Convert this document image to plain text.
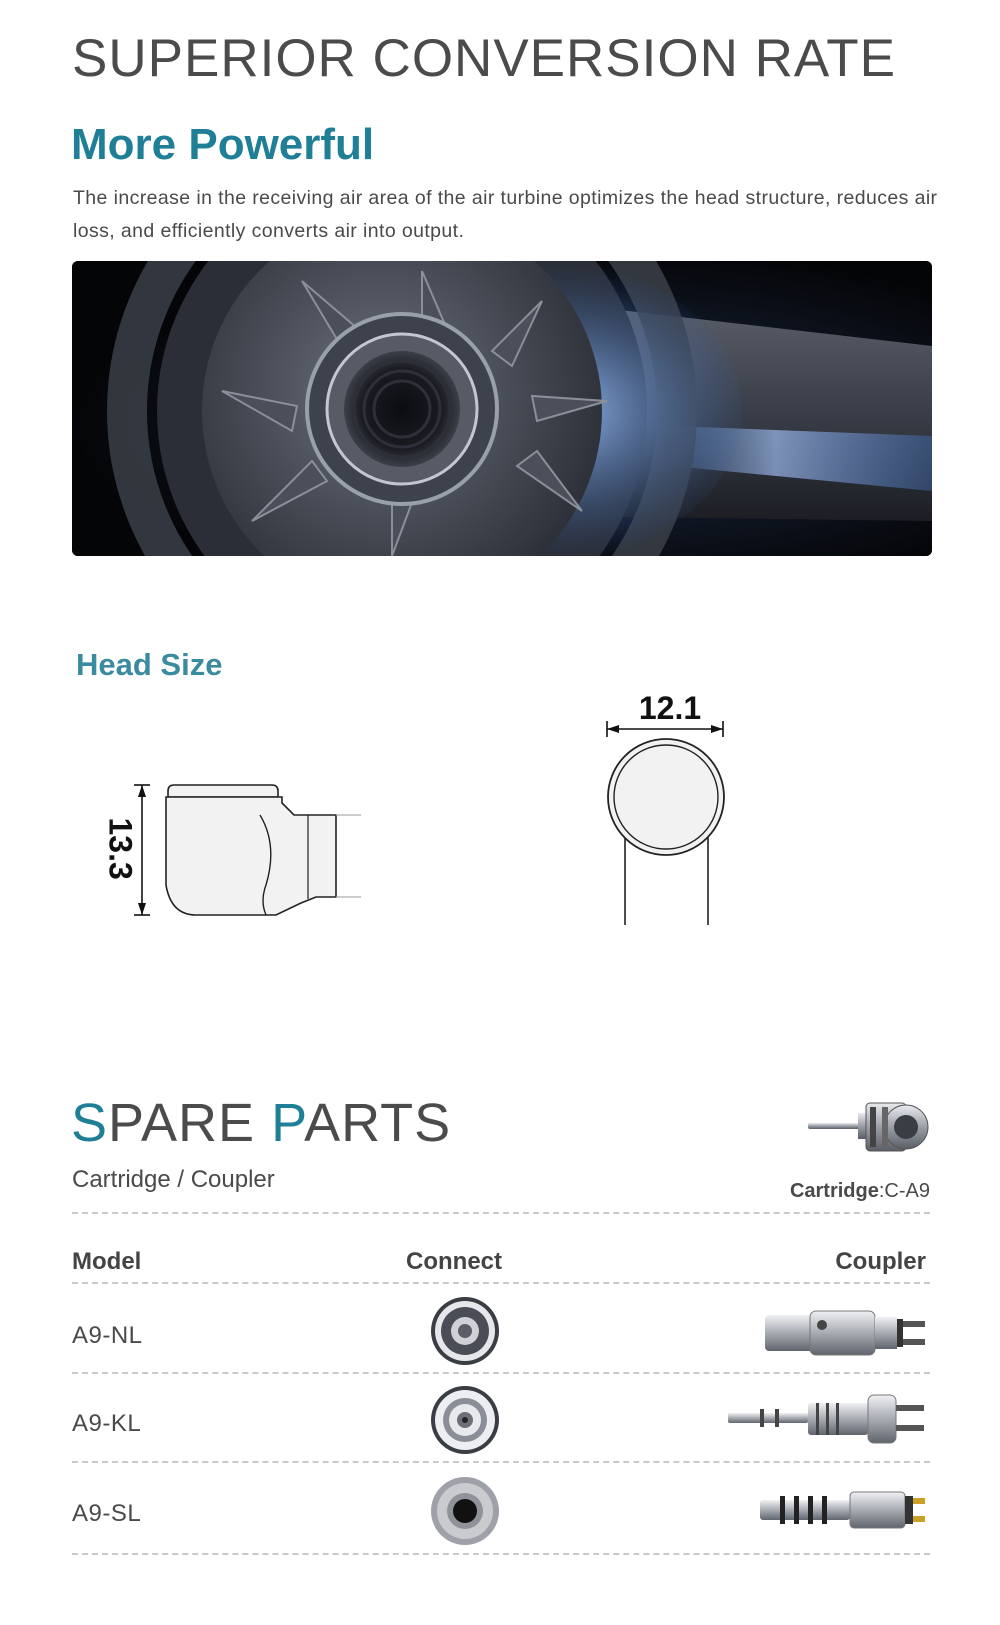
SUPERIOR CONVERSION RATE
More Powerful

The increase in the receiving air area of the air turbine optimizes the head structure, reduces air loss, and efficiently converts air into output.

Head Size
13.3
12.1
SPARE PARTS
Cartridge / Coupler	Cartridge:C-A9
Model	Connect	Coupler
A9-NL
A9-KL
A9-SL
